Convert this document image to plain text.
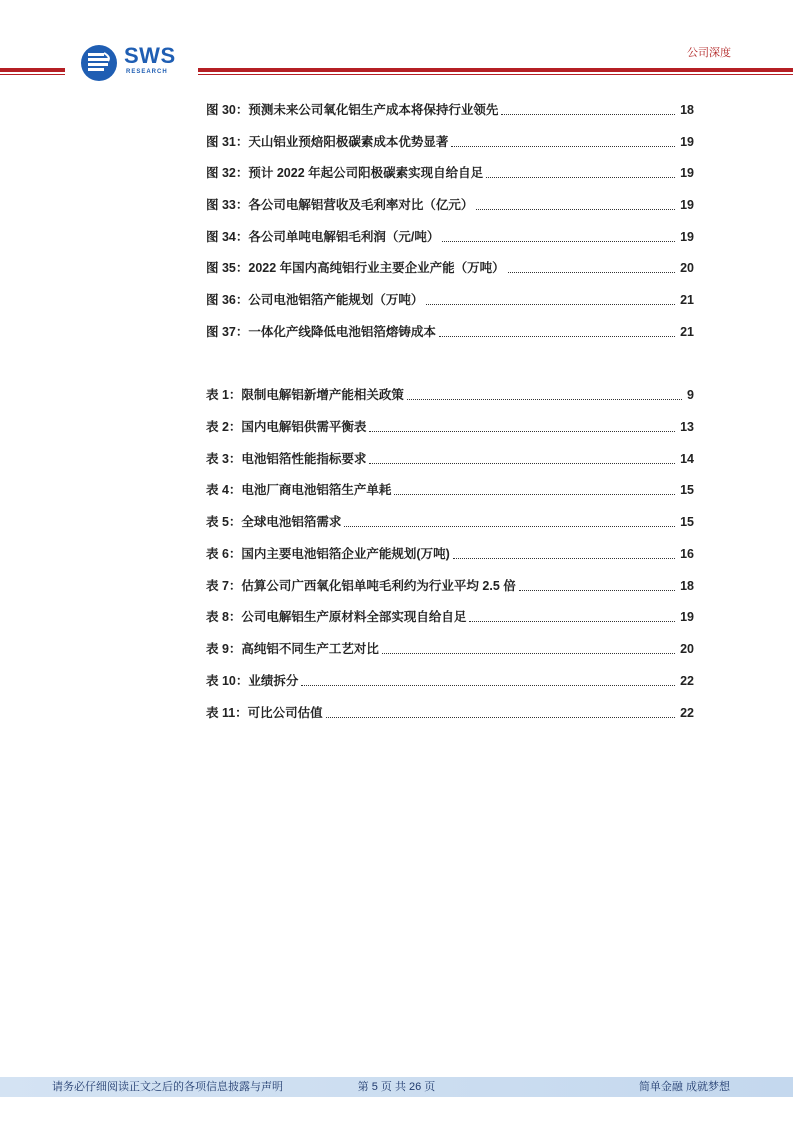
SWS
RESEARCH
公司深度
图 30：预测未来公司氧化铝生产成本将保持行业领先	18
图 31：天山铝业预焙阳极碳素成本优势显著	19
图 32：预计 2022 年起公司阳极碳素实现自给自足	19
图 33：各公司电解铝营收及毛利率对比（亿元）	19
图 34：各公司单吨电解铝毛利润（元/吨）	19
图 35：2022 年国内高纯铝行业主要企业产能（万吨）	20
图 36：公司电池铝箔产能规划（万吨）	21
图 37：一体化产线降低电池铝箔熔铸成本	21
表 1：限制电解铝新增产能相关政策	9
表 2：国内电解铝供需平衡表	13
表 3：电池铝箔性能指标要求	14
表 4：电池厂商电池铝箔生产单耗	15
表 5：全球电池铝箔需求	15
表 6：国内主要电池铝箔企业产能规划(万吨)	16
表 7：估算公司广西氧化铝单吨毛利约为行业平均 2.5 倍	18
表 8：公司电解铝生产原材料全部实现自给自足	19
表 9：高纯铝不同生产工艺对比	20
表 10：业绩拆分	22
表 11：可比公司估值	22
请务必仔细阅读正文之后的各项信息披露与声明	第 5 页 共 26 页	简单金融 成就梦想
